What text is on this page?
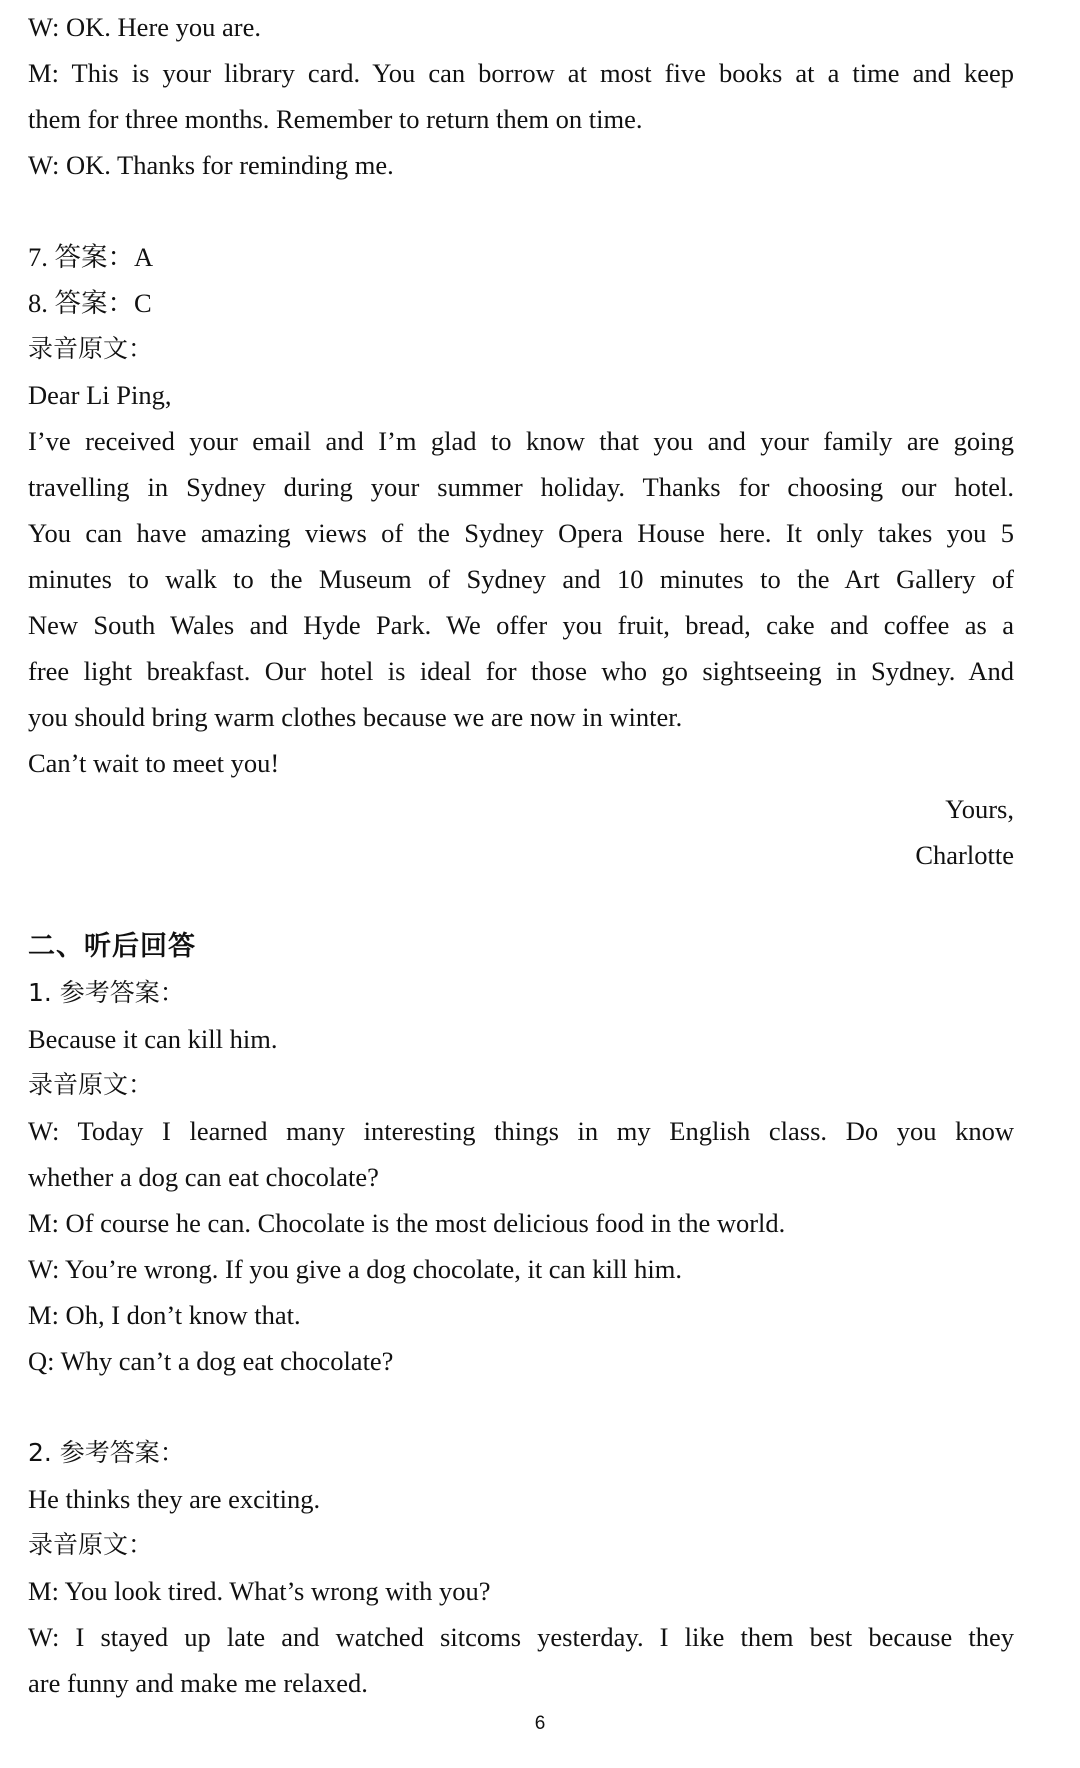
W: OK. Here you are.
M: This is your library card. You can borrow at most five books at a time and keep
them for three months. Remember to return them on time.
W: OK. Thanks for reminding me.
7. 答案：A
8. 答案：C
录音原文：
Dear Li Ping,
I’ve received your email and I’m glad to know that you and your family are going
travelling in Sydney during your summer holiday. Thanks for choosing our hotel.
You can have amazing views of the Sydney Opera House here. It only takes you 5
minutes to walk to the Museum of Sydney and 10 minutes to the Art Gallery of
New South Wales and Hyde Park. We offer you fruit, bread, cake and coffee as a
free light breakfast. Our hotel is ideal for those who go sightseeing in Sydney. And
you should bring warm clothes because we are now in winter.
Can’t wait to meet you!
Yours,
Charlotte
二、听后回答
1. 参考答案：
Because it can kill him.
录音原文：
W: Today I learned many interesting things in my English class. Do you know
whether a dog can eat chocolate?
M: Of course he can. Chocolate is the most delicious food in the world.
W: You’re wrong. If you give a dog chocolate, it can kill him.
M: Oh, I don’t know that.
Q: Why can’t a dog eat chocolate?
2. 参考答案：
He thinks they are exciting.
录音原文：
M: You look tired. What’s wrong with you?
W: I stayed up late and watched sitcoms yesterday. I like them best because they
are funny and make me relaxed.
6
